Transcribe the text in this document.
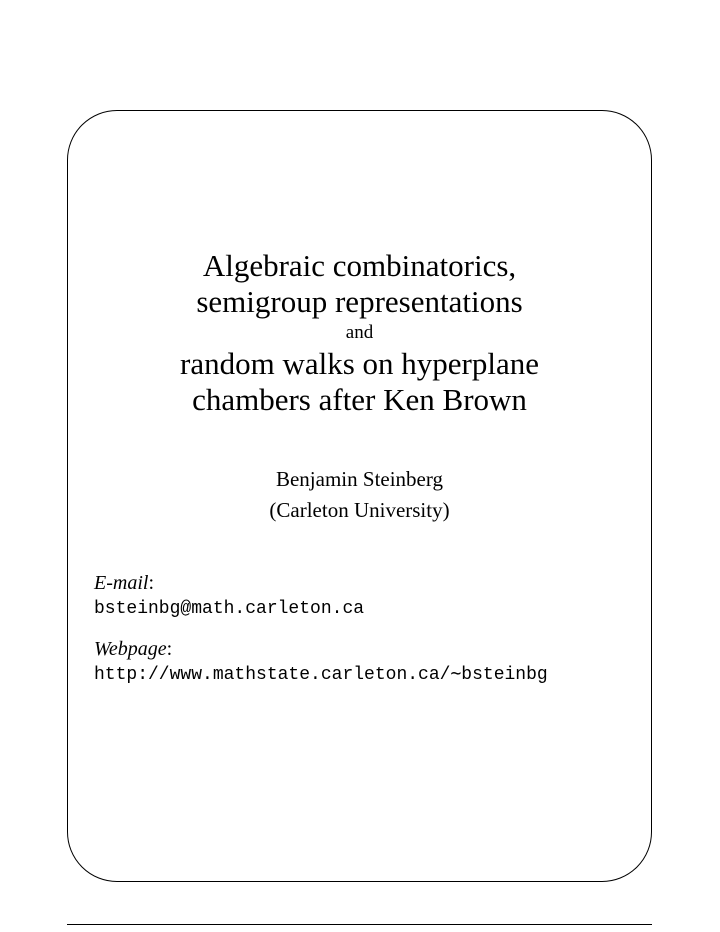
Algebraic combinatorics,
semigroup representations
and
random walks on hyperplane
chambers after Ken Brown
Benjamin Steinberg
(Carleton University)
E-mail:
bsteinbg@math.carleton.ca
Webpage:
http://www.mathstate.carleton.ca/∼bsteinbg
